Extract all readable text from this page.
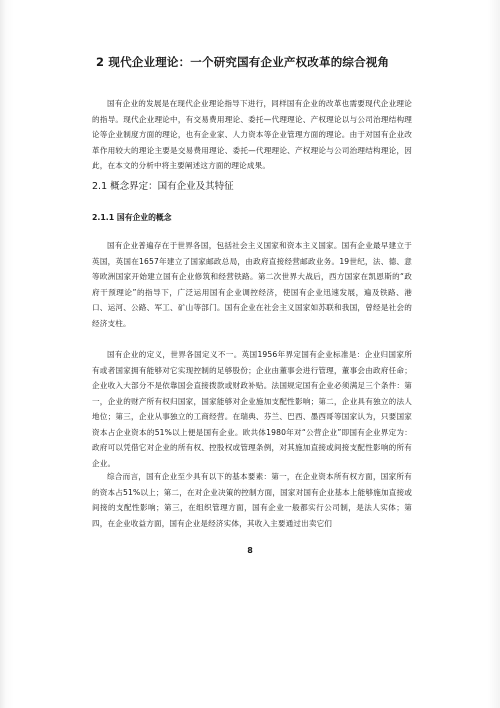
2 现代企业理论：一个研究国有企业产权改革的综合视角

国有企业的发展是在现代企业理论指导下进行，同样国有企业的改革也需要现代企业理论的指导。现代企业理论中，有交易费用理论、委托—代理理论、产权理论以与公司治理结构理论等企业制度方面的理论，也有企业家、人力资本等企业管理方面的理论。由于对国有企业改革作用较大的理论主要是交易费用理论、委托—代理理论、产权理论与公司治理结构理论，因此，在本文的分析中将主要阐述这方面的理论成果。

2.1 概念界定：国有企业及其特征
2.1.1 国有企业的概念

国有企业普遍存在于世界各国，包括社会主义国家和资本主义国家。国有企业最早建立于英国，英国在1657年建立了国家邮政总局，由政府直接经营邮政业务。19世纪，法、德、意等欧洲国家开始建立国有企业修筑和经营铁路。第二次世界大战后，西方国家在凯恩斯的“政府干预理论”的指导下，广泛运用国有企业调控经济，使国有企业迅速发展，遍及铁路、港口、运河、公路、军工、矿山等部门。国有企业在社会主义国家如苏联和我国，曾经是社会的经济支柱。

国有企业的定义，世界各国定义不一。英国1956年界定国有企业标准是：企业归国家所有或者国家拥有能够对它实现控制的足够股份；企业由董事会进行管理，董事会由政府任命；企业收入大部分不是依靠国会直接拨款或财政补贴。法国规定国有企业必须满足三个条件：第一，企业的财产所有权归国家，国家能够对企业施加支配性影响；第二，企业具有独立的法人地位；第三，企业从事独立的工商经营。在瑞典、芬兰、巴西、墨西哥等国家认为，只要国家资本占企业资本的51%以上便是国有企业。欧共体1980年对“公营企业”即国有企业界定为：政府可以凭借它对企业的所有权、控股权或管理条例，对其施加直接或间接支配性影响的所有企业。

综合而言，国有企业至少具有以下的基本要素：第一，在企业资本所有权方面，国家所有的资本占51%以上；第二，在对企业决策的控制方面，国家对国有企业基本上能够施加直接或间接的支配性影响；第三，在组织管理方面，国有企业一般都实行公司制，是法人实体；第四，在企业收益方面，国有企业是经济实体，其收入主要通过出卖它们

8
